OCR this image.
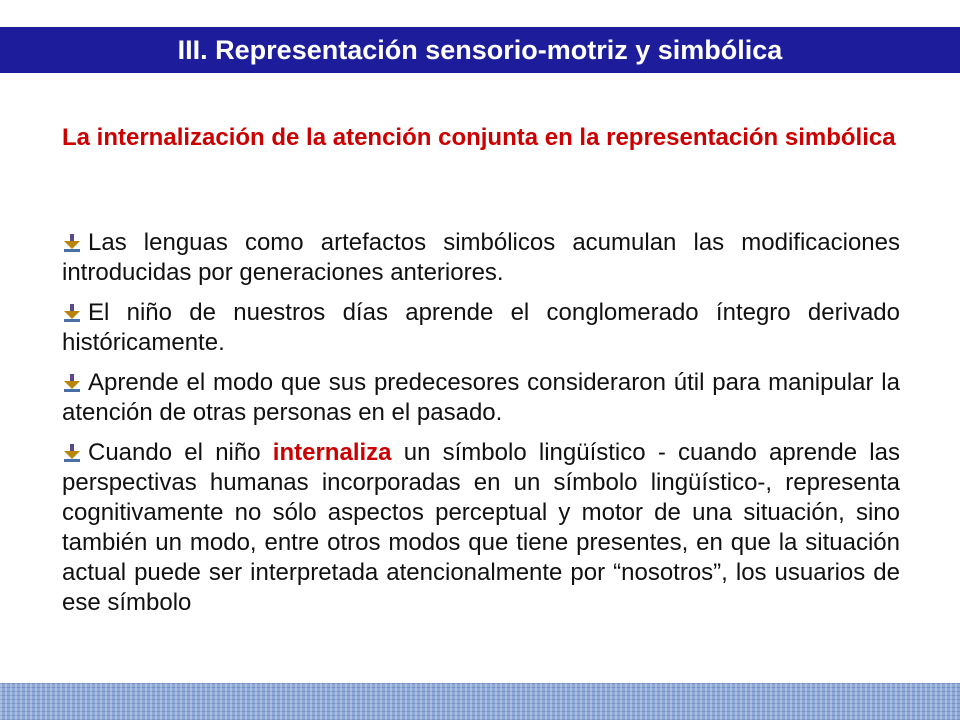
III. Representación sensorio-motriz y simbólica
La internalización de la atención conjunta en la representación simbólica
Las lenguas como artefactos simbólicos acumulan las modificaciones introducidas por generaciones anteriores.
El niño de nuestros días aprende el conglomerado íntegro derivado históricamente.
Aprende el modo que sus predecesores consideraron útil para manipular la atención de otras personas en el pasado.
Cuando el niño internaliza un símbolo lingüístico - cuando aprende las perspectivas humanas incorporadas en un símbolo lingüístico-, representa cognitivamente no sólo aspectos perceptual y motor de una situación, sino también un modo, entre otros modos que tiene presentes, en que la situación actual puede ser interpretada atencionalmente por “nosotros”, los usuarios de ese símbolo
